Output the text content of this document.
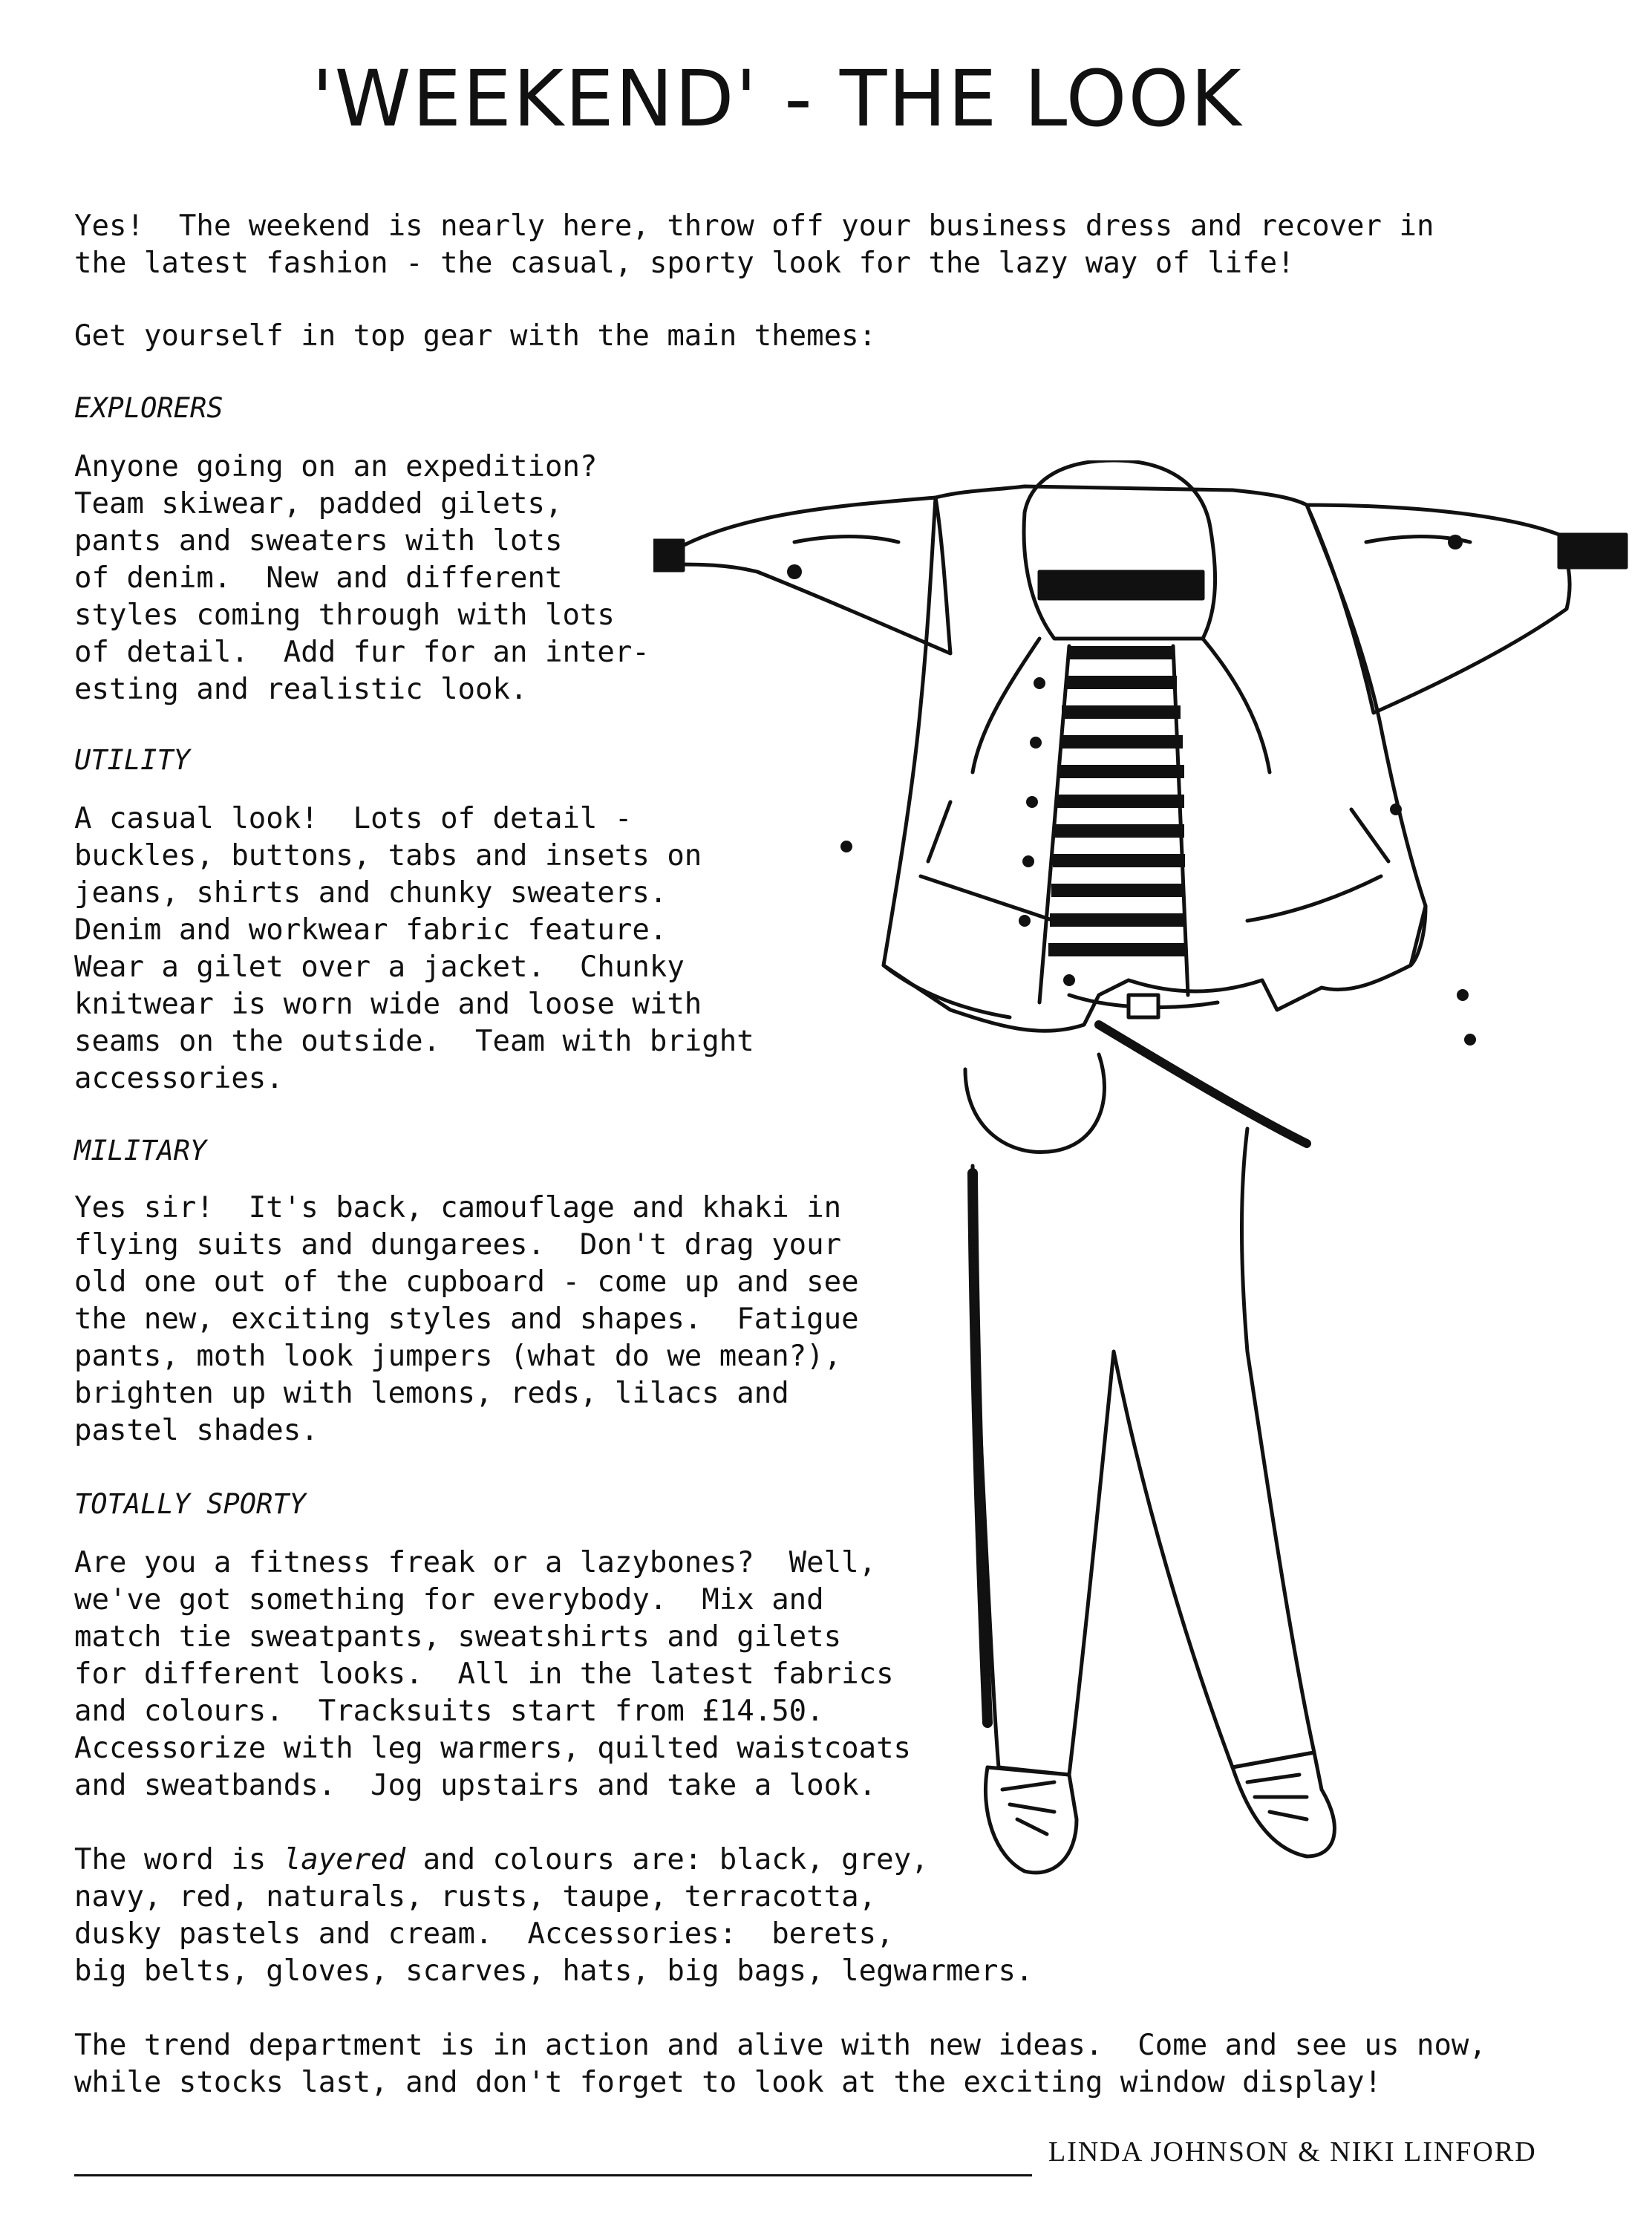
'WEEKEND' - THE LOOK
Yes!  The weekend is nearly here, throw off your business dress and recover in
the latest fashion - the casual, sporty look for the lazy way of life!
Get yourself in top gear with the main themes:
EXPLORERS
Anyone going on an expedition?
Team skiwear, padded gilets,
pants and sweaters with lots
of denim.  New and different
styles coming through with lots
of detail.  Add fur for an inter-
esting and realistic look.
UTILITY
A casual look!  Lots of detail -
buckles, buttons, tabs and insets on
jeans, shirts and chunky sweaters.
Denim and workwear fabric feature.
Wear a gilet over a jacket.  Chunky
knitwear is worn wide and loose with
seams on the outside.  Team with bright
accessories.
MILITARY
Yes sir!  It's back, camouflage and khaki in
flying suits and dungarees.  Don't drag your
old one out of the cupboard - come up and see
the new, exciting styles and shapes.  Fatigue
pants, moth look jumpers (what do we mean?),
brighten up with lemons, reds, lilacs and
pastel shades.
TOTALLY SPORTY
Are you a fitness freak or a lazybones?  Well,
we've got something for everybody.  Mix and
match tie sweatpants, sweatshirts and gilets
for different looks.  All in the latest fabrics
and colours.  Tracksuits start from £14.50.
Accessorize with leg warmers, quilted waistcoats
and sweatbands.  Jog upstairs and take a look.
The word is layered and colours are: black, grey,
navy, red, naturals, rusts, taupe, terracotta,
dusky pastels and cream.  Accessories:  berets,
big belts, gloves, scarves, hats, big bags, legwarmers.
The trend department is in action and alive with new ideas.  Come and see us now,
while stocks last, and don't forget to look at the exciting window display!
LINDA JOHNSON & NIKI LINFORD
